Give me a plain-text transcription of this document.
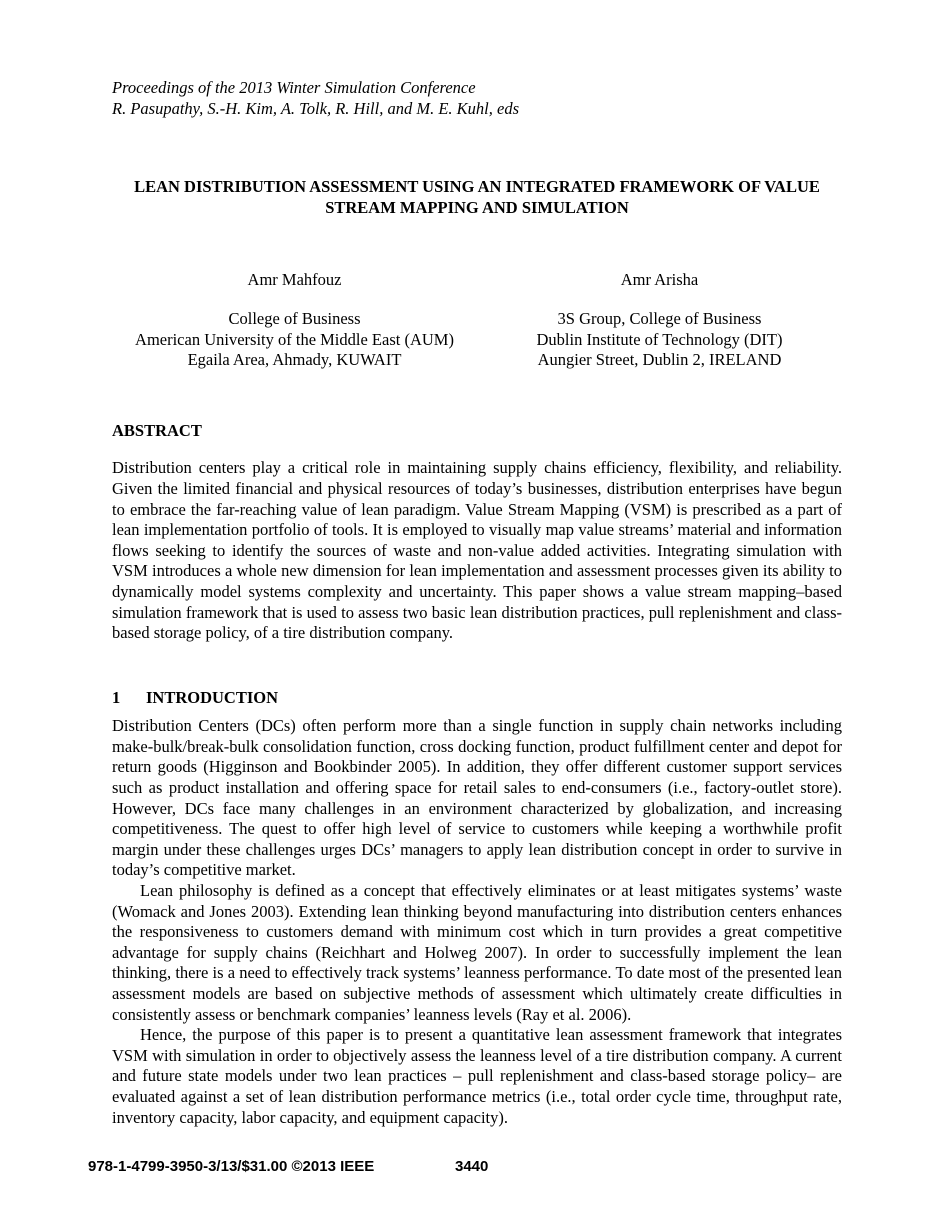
Proceedings of the 2013 Winter Simulation Conference
R. Pasupathy, S.-H. Kim, A. Tolk, R. Hill, and M. E. Kuhl, eds
LEAN DISTRIBUTION ASSESSMENT USING AN INTEGRATED FRAMEWORK OF VALUE
STREAM MAPPING AND SIMULATION
Amr Mahfouz
College of Business
American University of the Middle East (AUM)
Egaila Area, Ahmady, KUWAIT
Amr Arisha
3S Group, College of Business
Dublin Institute of Technology (DIT)
Aungier Street, Dublin 2, IRELAND
ABSTRACT

Distribution centers play a critical role in maintaining supply chains efficiency, flexibility, and reliability. Given the limited financial and physical resources of today’s businesses, distribution enterprises have begun to embrace the far-reaching value of lean paradigm. Value Stream Mapping (VSM) is prescribed as a part of lean implementation portfolio of tools. It is employed to visually map value streams’ material and information flows seeking to identify the sources of waste and non-value added activities. Integrating simulation with VSM introduces a whole new dimension for lean implementation and assessment processes given its ability to dynamically model systems complexity and uncertainty. This paper shows a value stream mapping–based simulation framework that is used to assess two basic lean distribution practices, pull replenishment and class-based storage policy, of a tire distribution company.

1 INTRODUCTION

Distribution Centers (DCs) often perform more than a single function in supply chain networks including make-bulk/break-bulk consolidation function, cross docking function, product fulfillment center and depot for return goods (Higginson and Bookbinder 2005). In addition, they offer different customer support services such as product installation and offering space for retail sales to end-consumers (i.e., factory-outlet store). However, DCs face many challenges in an environment characterized by globalization, and increasing competitiveness. The quest to offer high level of service to customers while keeping a worthwhile profit margin under these challenges urges DCs’ managers to apply lean distribution concept in order to survive in today’s competitive market.

Lean philosophy is defined as a concept that effectively eliminates or at least mitigates systems’ waste (Womack and Jones 2003). Extending lean thinking beyond manufacturing into distribution centers enhances the responsiveness to customers demand with minimum cost which in turn provides a great competitive advantage for supply chains (Reichhart and Holweg 2007). In order to successfully implement the lean thinking, there is a need to effectively track systems’ leanness performance. To date most of the presented lean assessment models are based on subjective methods of assessment which ultimately create difficulties in consistently assess or benchmark companies’ leanness levels (Ray et al. 2006).

Hence, the purpose of this paper is to present a quantitative lean assessment framework that integrates VSM with simulation in order to objectively assess the leanness level of a tire distribution company. A current and future state models under two lean practices – pull replenishment and class-based storage policy– are evaluated against a set of lean distribution performance metrics (i.e., total order cycle time, throughput rate, inventory capacity, labor capacity, and equipment capacity).

978-1-4799-3950-3/13/$31.00 ©2013 IEEE	3440
